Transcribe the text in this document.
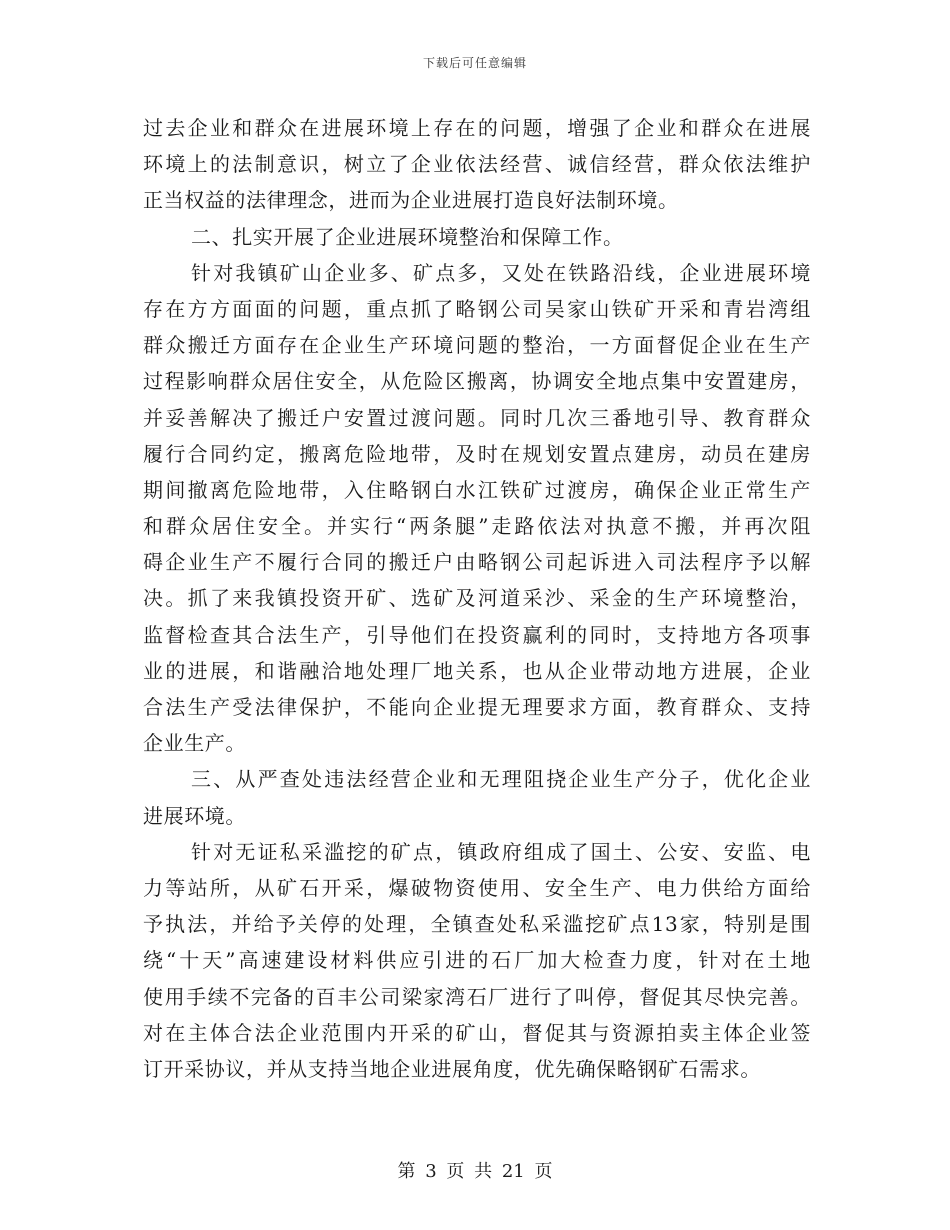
下载后可任意编辑
过去企业和群众在进展环境上存在的问题，增强了企业和群众在进展
环境上的法制意识，树立了企业依法经营、诚信经营，群众依法维护
正当权益的法律理念，进而为企业进展打造良好法制环境。
二、扎实开展了企业进展环境整治和保障工作。
针对我镇矿山企业多、矿点多，又处在铁路沿线，企业进展环境
存在方方面面的问题，重点抓了略钢公司吴家山铁矿开采和青岩湾组
群众搬迁方面存在企业生产环境问题的整治，一方面督促企业在生产
过程影响群众居住安全，从危险区搬离，协调安全地点集中安置建房，
并妥善解决了搬迁户安置过渡问题。同时几次三番地引导、教育群众
履行合同约定，搬离危险地带，及时在规划安置点建房，动员在建房
期间撤离危险地带，入住略钢白水江铁矿过渡房，确保企业正常生产
和群众居住安全。并实行“两条腿”走路依法对执意不搬，并再次阻
碍企业生产不履行合同的搬迁户由略钢公司起诉进入司法程序予以解
决。抓了来我镇投资开矿、选矿及河道采沙、采金的生产环境整治，
监督检查其合法生产，引导他们在投资赢利的同时，支持地方各项事
业的进展，和谐融洽地处理厂地关系，也从企业带动地方进展，企业
合法生产受法律保护，不能向企业提无理要求方面，教育群众、支持
企业生产。
三、从严查处违法经营企业和无理阻挠企业生产分子，优化企业
进展环境。
针对无证私采滥挖的矿点，镇政府组成了国土、公安、安监、电
力等站所，从矿石开采，爆破物资使用、安全生产、电力供给方面给
予执法，并给予关停的处理，全镇查处私采滥挖矿点13家，特别是围
绕“十天”高速建设材料供应引进的石厂加大检查力度，针对在土地
使用手续不完备的百丰公司梁家湾石厂进行了叫停，督促其尽快完善。
对在主体合法企业范围内开采的矿山，督促其与资源拍卖主体企业签
订开采协议，并从支持当地企业进展角度，优先确保略钢矿石需求。
第 3 页 共 21 页
